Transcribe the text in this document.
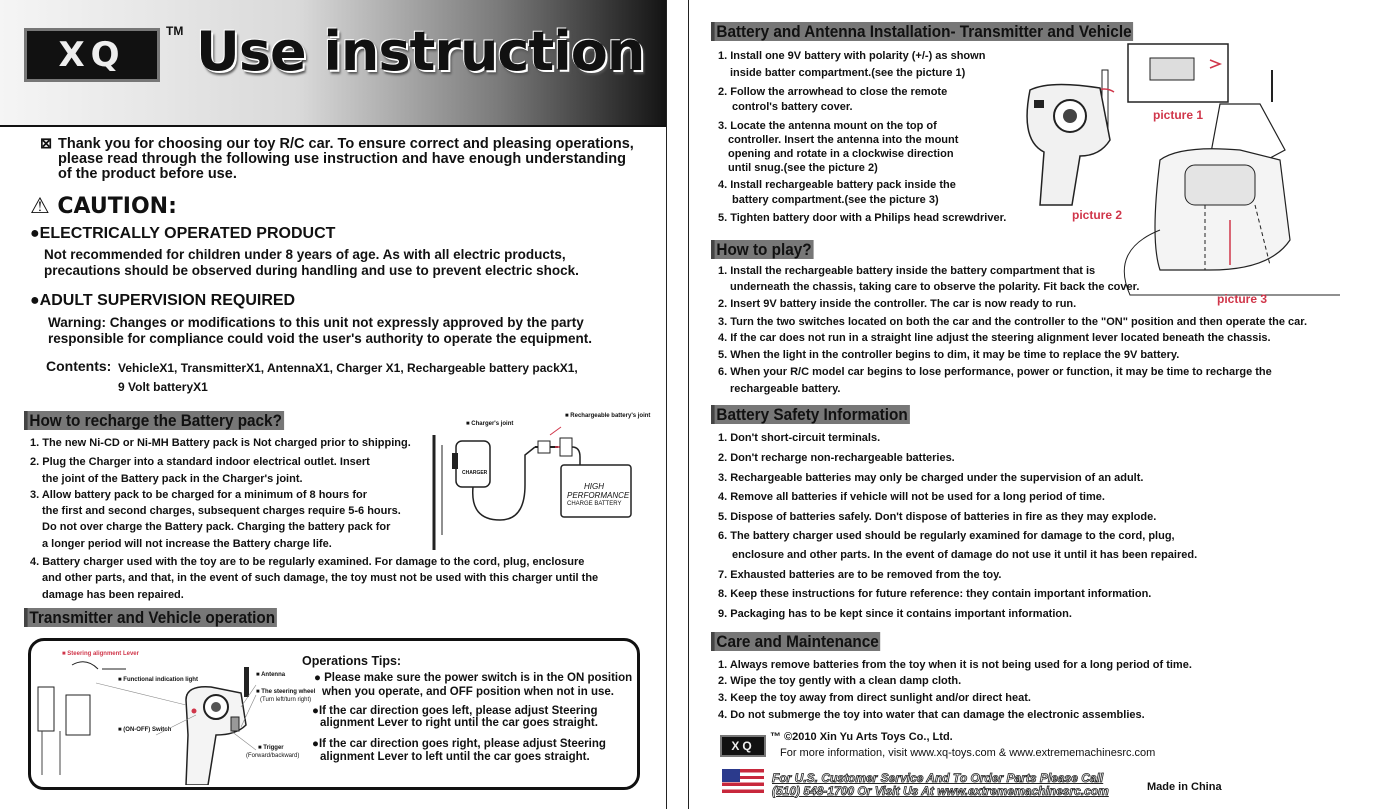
XQ
TM Use instruction
⊠ Thank you for choosing our toy R/C car. To ensure correct and pleasing operations,
please read through the following use instruction and have enough understanding
of the product before use.
⚠ CAUTION:
●ELECTRICALLY OPERATED PRODUCT
Not recommended for children under 8 years of age. As with all electric products,
precautions should be observed during handling and use to prevent electric shock.
●ADULT SUPERVISION REQUIRED
Warning: Changes or modifications to this unit not expressly approved by the party
responsible for compliance could void the user's authority to operate the equipment.
Contents: VehicleX1, TransmitterX1, AntennaX1, Charger X1, Rechargeable battery packX1,
9 Volt batteryX1
How to recharge the Battery pack?
1. The new Ni-CD or Ni-MH Battery pack is Not charged prior to shipping.
2. Plug the Charger into a standard indoor electrical outlet. Insert
the joint of the Battery pack in the Charger's joint.
3. Allow battery pack to be charged for a minimum of 8 hours for
the first and second charges, subsequent charges require 5-6 hours.
Do not over charge the Battery pack. Charging the battery pack for
a longer period will not increase the Battery charge life.
4. Battery charger used with the toy are to be regularly examined. For damage to the cord, plug, enclosure
and other parts, and that, in the event of such damage, the toy must not be used with this charger until the
damage has been repaired.
■ Charger's joint
■ Rechargeable battery's joint
CHARGER
HIGH
PERFORMANCE
CHARGE BATTERY
Transmitter and Vehicle operation
■ Steering alignment Lever
■ Functional indication light
■ Antenna
■ The steering wheel
(Turn left/turn right)
■ (ON-OFF) Switch
■ Trigger
(Forward/backward)
Operations Tips:
● Please make sure the power switch is in the ON position
when you operate, and OFF position when not in use.
●If the car direction goes left, please adjust Steering
alignment Lever to right until the car goes straight.
●If the car direction goes right, please adjust Steering
alignment Lever to left until the car goes straight.
Battery and Antenna Installation- Transmitter and Vehicle
1. Install one 9V battery with polarity (+/-) as shown
inside batter compartment.(see the picture 1)
2. Follow the arrowhead to close the remote
control's battery cover.
3. Locate the antenna mount on the top of
controller. Insert the antenna into the mount
opening and rotate in a clockwise direction
until snug.(see the picture 2)
4. Install rechargeable battery pack inside the
battery compartment.(see the picture 3)
5. Tighten battery door with a Philips head screwdriver.
picture 1
picture 2
picture 3
How to play?
1. Install the rechargeable battery inside the battery compartment that is
underneath the chassis, taking care to observe the polarity. Fit back the cover.
2. Insert 9V battery inside the controller. The car is now ready to run.
3. Turn the two switches located on both the car and the controller to the "ON" position and then operate the car.
4. If the car does not run in a straight line adjust the steering alignment lever located beneath the chassis.
5. When the light in the controller begins to dim, it may be time to replace the 9V battery.
6. When your R/C model car begins to lose performance, power or function, it may be time to recharge the
rechargeable battery.
Battery Safety Information
1. Don't short-circuit terminals.
2. Don't recharge non-rechargeable batteries.
3. Rechargeable batteries may only be charged under the supervision of an adult.
4. Remove all batteries if vehicle will not be used for a long period of time.
5. Dispose of batteries safely. Don't dispose of batteries in fire as they may explode.
6. The battery charger used should be regularly examined for damage to the cord, plug,
enclosure and other parts. In the event of damage do not use it until it has been repaired.
7. Exhausted batteries are to be removed from the toy.
8. Keep these instructions for future reference: they contain important information.
9. Packaging has to be kept since it contains important information.
Care and Maintenance
1. Always remove batteries from the toy when it is not being used for a long period of time.
2. Wipe the toy gently with a clean damp cloth.
3. Keep the toy away from direct sunlight and/or direct heat.
4. Do not submerge the toy into water that can damage the electronic assemblies.
XQ
™ ©2010 Xin Yu Arts Toys Co., Ltd.
For more information, visit www.xq-toys.com & www.extrememachinesrc.com
For U.S. Customer Service And To Order Parts Please Call
(510) 548-1700 Or Visit Us At www.extrememachinesrc.com	Made in China
